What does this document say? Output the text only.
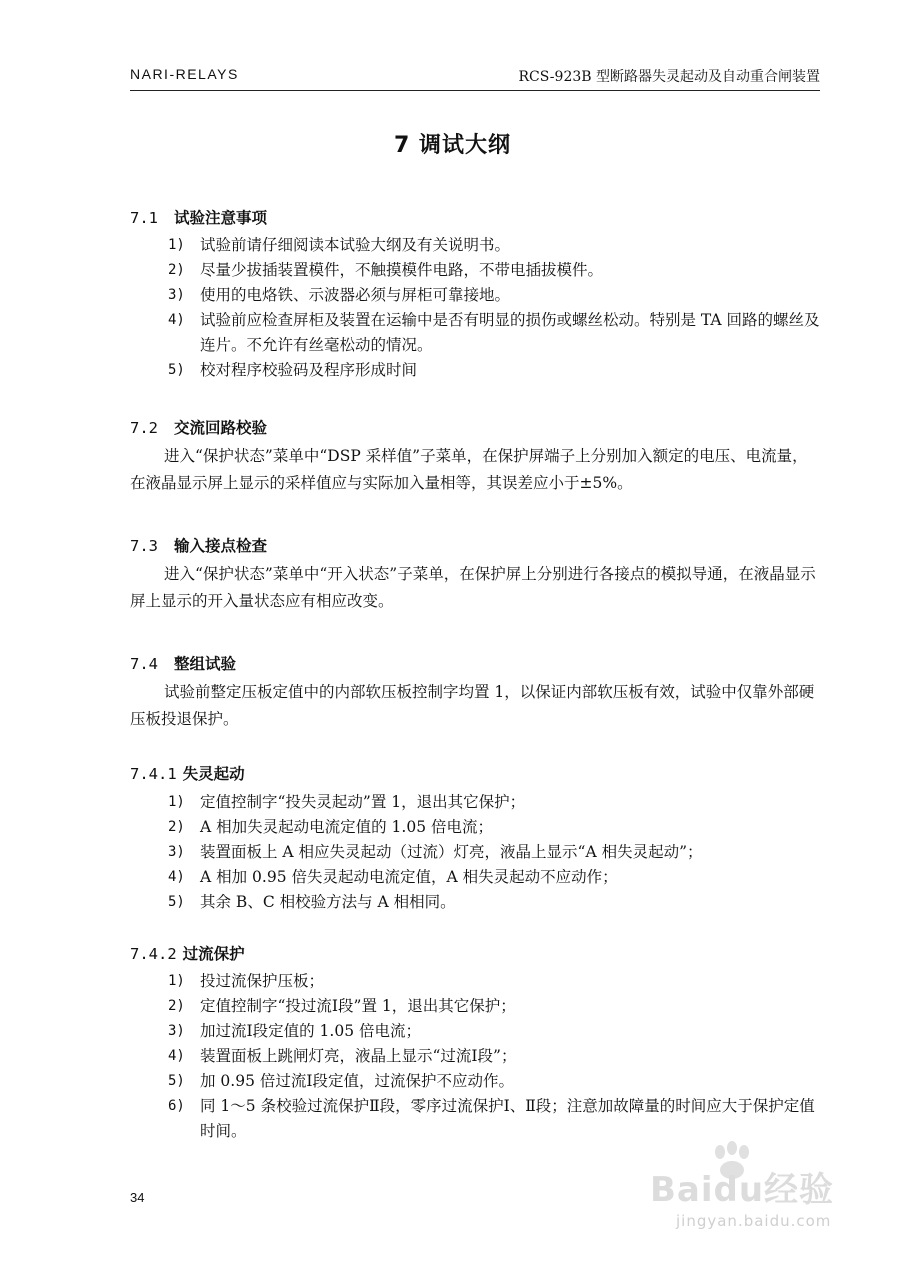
NARI-RELAYS	RCS-923B 型断路器失灵起动及自动重合闸装置
7 调试大纲
7.1 试验注意事项
1) 试验前请仔细阅读本试验大纲及有关说明书。
2) 尽量少拔插装置模件，不触摸模件电路，不带电插拔模件。
3) 使用的电烙铁、示波器必须与屏柜可靠接地。
4) 试验前应检查屏柜及装置在运输中是否有明显的损伤或螺丝松动。特别是 TA 回路的螺丝及连片。不允许有丝毫松动的情况。
5) 校对程序校验码及程序形成时间
7.2 交流回路校验
进入“保护状态”菜单中“DSP 采样值”子菜单，在保护屏端子上分别加入额定的电压、电流量，在液晶显示屏上显示的采样值应与实际加入量相等，其误差应小于±5%。
7.3 输入接点检查
进入“保护状态”菜单中“开入状态”子菜单，在保护屏上分别进行各接点的模拟导通，在液晶显示屏上显示的开入量状态应有相应改变。
7.4 整组试验
试验前整定压板定值中的内部软压板控制字均置 1，以保证内部软压板有效，试验中仅靠外部硬压板投退保护。
7.4.1 失灵起动
1) 定值控制字“投失灵起动”置 1，退出其它保护；
2) A 相加失灵起动电流定值的 1.05 倍电流；
3) 装置面板上 A 相应失灵起动（过流）灯亮，液晶上显示“A 相失灵起动”；
4) A 相加 0.95 倍失灵起动电流定值，A 相失灵起动不应动作；
5) 其余 B、C 相校验方法与 A 相相同。
7.4.2 过流保护
1) 投过流保护压板；
2) 定值控制字“投过流Ⅰ段”置 1，退出其它保护；
3) 加过流Ⅰ段定值的 1.05 倍电流；
4) 装置面板上跳闸灯亮，液晶上显示“过流Ⅰ段”；
5) 加 0.95 倍过流Ⅰ段定值，过流保护不应动作。
6) 同 1～5 条校验过流保护Ⅱ段，零序过流保护Ⅰ、Ⅱ段；注意加故障量的时间应大于保护定值时间。
34	Baidu经验
jingyan.baidu.com
